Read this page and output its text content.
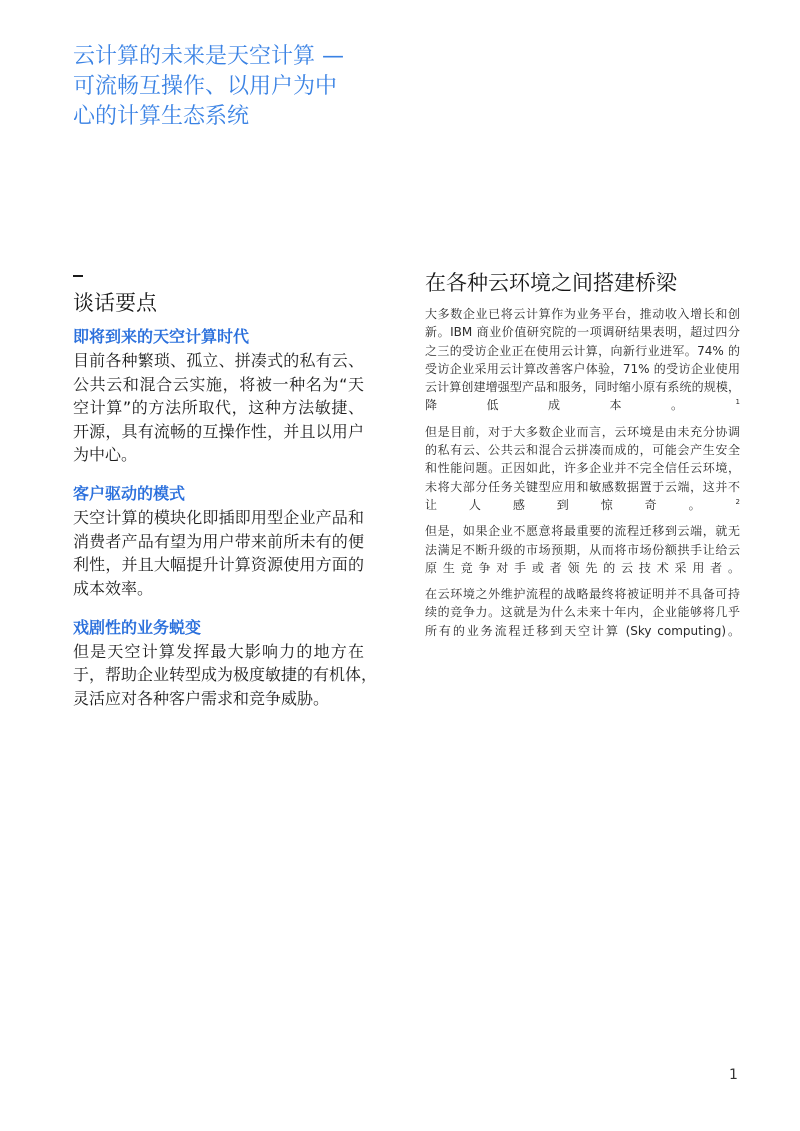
云计算的未来是天空计算 —
可流畅互操作、以用户为中
心的计算生态系统
谈话要点
即将到来的天空计算时代

目前各种繁琐、孤立、拼凑式的私有云、
公共云和混合云实施，将被一种名为“天
空计算”的方法所取代，这种方法敏捷、
开源，具有流畅的互操作性，并且以用户
为中心。

客户驱动的模式

天空计算的模块化即插即用型企业产品和
消费者产品有望为用户带来前所未有的便
利性，并且大幅提升计算资源使用方面的
成本效率。

戏剧性的业务蜕变

但是天空计算发挥最大影响力的地方在
于，帮助企业转型成为极度敏捷的有机体，
灵活应对各种客户需求和竞争威胁。

在各种云环境之间搭建桥梁

大多数企业已将云计算作为业务平台，推动收入增长和创
新。IBM 商业价值研究院的一项调研结果表明，超过四分
之三的受访企业正在使用云计算，向新行业进军。74% 的
受访企业采用云计算改善客户体验，71% 的受访企业使用
云计算创建增强型产品和服务，同时缩小原有系统的规模，
降低成本。 $^1$

但是目前，对于大多数企业而言，云环境是由未充分协调
的私有云、公共云和混合云拼凑而成的，可能会产生安全
和性能问题。正因如此，许多企业并不完全信任云环境，
未将大部分任务关键型应用和敏感数据置于云端，这并不
让人感到惊奇。 $^2$

但是，如果企业不愿意将最重要的流程迁移到云端，就无
法满足不断升级的市场预期，从而将市场份额拱手让给云
原生竞争对手或者领先的云技术采用者。

在云环境之外维护流程的战略最终将被证明并不具备可持
续的竞争力。这就是为什么未来十年内，企业能够将几乎
所有的业务流程迁移到天空计算 (Sky computing)。

1
